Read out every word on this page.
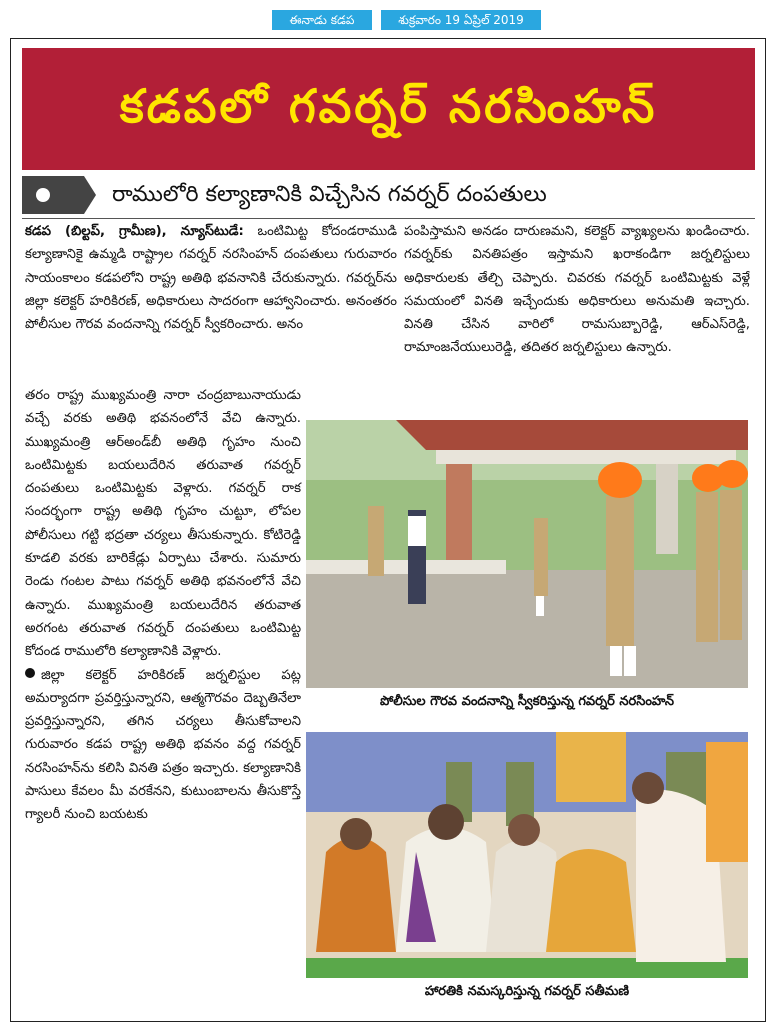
ఈనాడు కడప	శుక్రవారం 19 ఏప్రిల్ 2019
కడపలో గవర్నర్ నరసింహన్
రాములోరి కల్యాణానికి విచ్చేసిన గవర్నర్ దంపతులు

కడప (బిల్టప్, గ్రామీణ), న్యూస్‌టుడే: ఒంటిమిట్ట కోదండరాముడి కల్యాణానికై ఉమ్మడి రాష్ట్రాల గవర్నర్ నరసింహన్ దంపతులు గురువారం సాయంకాలం కడపలోని రాష్ట్ర అతిథి భవనానికి చేరుకున్నారు. గవర్నర్‌ను జిల్లా కలెక్టర్ హరికిరణ్, అధికారులు సాదరంగా ఆహ్వానించారు. అనంతరం పోలీసుల గౌరవ వందనాన్ని గవర్నర్ స్వీకరించారు. అనం

తరం రాష్ట్ర ముఖ్యమంత్రి నారా చంద్రబాబునాయుడు వచ్చే వరకు అతిథి భవనంలోనే వేచి ఉన్నారు. ముఖ్యమంత్రి ఆర్అండ్‌బీ అతిథి గృహం నుంచి ఒంటిమిట్టకు బయలుదేరిన తరువాత గవర్నర్ దంపతులు ఒంటిమిట్టకు వెళ్లారు. గవర్నర్ రాక సందర్భంగా రాష్ట్ర అతిథి గృహం చుట్టూ, లోపల పోలీసులు గట్టి భద్రతా చర్యలు తీసుకున్నారు. కోటిరెడ్డి కూడలి వరకు బారికేడ్లు ఏర్పాటు చేశారు. సుమారు రెండు గంటల పాటు గవర్నర్ అతిథి భవనంలోనే వేచి ఉన్నారు. ముఖ్యమంత్రి బయలుదేరిన తరువాత అరగంట తరువాత గవర్నర్ దంపతులు ఒంటిమిట్ట కోదండ రాములోరి కల్యాణానికి వెళ్లారు.

జిల్లా కలెక్టర్ హరికిరణ్ జర్నలిస్టుల పట్ల అమర్యాదగా ప్రవర్తిస్తున్నారని, ఆత్మగౌరవం దెబ్బతినేలా ప్రవర్తిస్తున్నారని, తగిన చర్యలు తీసుకోవాలని గురువారం కడప రాష్ట్ర అతిథి భవనం వద్ద గవర్నర్ నరసింహన్‌ను కలిసి వినతి పత్రం ఇచ్చారు. కల్యాణానికి పాసులు కేవలం మీ వరకేనని, కుటుంబాలను తీసుకొస్తే గ్యాలరీ నుంచి బయటకు

పంపిస్తామని అనడం దారుణమని, కలెక్టర్ వ్యాఖ్యలను ఖండించారు. గవర్నర్‌కు వినతిపత్రం ఇస్తామని ఖరాకండిగా జర్నలిస్టులు అధికారులకు తేల్చి చెప్పారు. చివరకు గవర్నర్ ఒంటిమిట్టకు వెళ్లే సమయంలో వినతి ఇచ్చేందుకు అధికారులు అనుమతి ఇచ్చారు. వినతి చేసిన వారిలో రామసుబ్బారెడ్డి, ఆర్ఎస్‌రెడ్డి, రామాంజనేయులురెడ్డి, తదితర జర్నలిస్టులు ఉన్నారు.

పోలీసుల గౌరవ వందనాన్ని స్వీకరిస్తున్న గవర్నర్ నరసింహన్
హారతికి నమస్కరిస్తున్న గవర్నర్ సతీమణి
